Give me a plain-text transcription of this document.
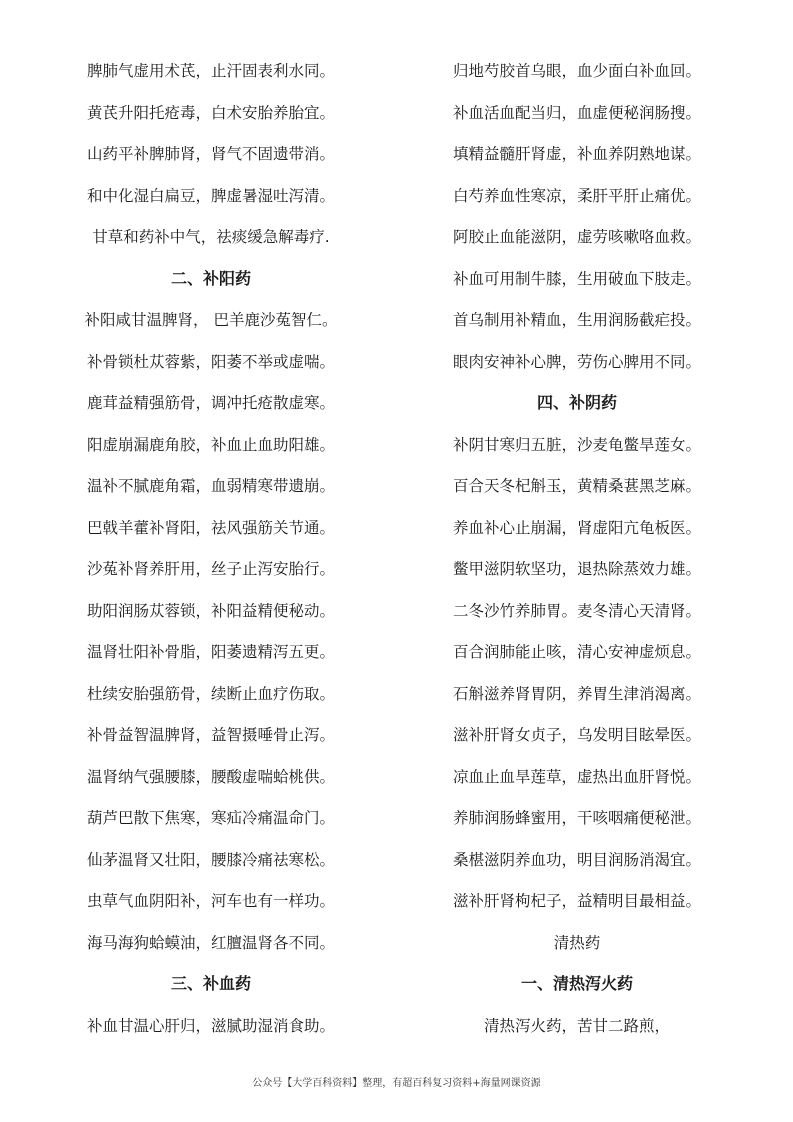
脾肺气虚用术芪，止汗固表利水同。
黄芪升阳托疮毒，白术安胎养胎宜。
山药平补脾肺肾，肾气不固遗带消。
和中化湿白扁豆，脾虚暑湿吐泻清。
甘草和药补中气，祛痰缓急解毒疗.
二、补阳药
补阳咸甘温脾肾， 巴羊鹿沙菟智仁。
补骨锁杜苁蓉紫，阳萎不举或虚喘。
鹿茸益精强筋骨，调冲托疮散虚寒。
阳虚崩漏鹿角胶，补血止血助阳雄。
温补不腻鹿角霜，血弱精寒带遗崩。
巴戟羊藿补肾阳，祛风强筋关节通。
沙菟补肾养肝用，丝子止泻安胎行。
助阳润肠苁蓉锁，补阳益精便秘动。
温肾壮阳补骨脂，阳萎遗精泻五更。
杜续安胎强筋骨，续断止血疗伤取。
补骨益智温脾肾，益智摄唾骨止泻。
温肾纳气强腰膝，腰酸虚喘蛤桃供。
葫芦巴散下焦寒，寒疝冷痛温命门。
仙茅温肾又壮阳，腰膝冷痛祛寒松。
虫草气血阴阳补，河车也有一样功。
海马海狗蛤蟆油，红膻温肾各不同。
三、补血药
补血甘温心肝归，滋腻助湿消食助。
归地芍胶首乌眼，血少面白补血回。
补血活血配当归，血虚便秘润肠搜。
填精益髓肝肾虚，补血养阴熟地谋。
白芍养血性寒凉，柔肝平肝止痛优。
阿胶止血能滋阴，虚劳咳嗽咯血救。
补血可用制牛膝，生用破血下肢走。
首乌制用补精血，生用润肠截疟投。
眼肉安神补心脾，劳伤心脾用不同。
四、补阴药
补阴甘寒归五脏，沙麦龟鳖旱莲女。
百合天冬杞斛玉，黄精桑葚黑芝麻。
养血补心止崩漏，肾虚阳亢龟板医。
鳖甲滋阴软坚功，退热除蒸效力雄。
二冬沙竹养肺胃。麦冬清心天清肾。
百合润肺能止咳，清心安神虚烦息。
石斛滋养肾胃阴，养胃生津消渴离。
滋补肝肾女贞子，乌发明目眩晕医。
凉血止血旱莲草，虚热出血肝肾悦。
养肺润肠蜂蜜用，干咳咽痛便秘泄。
桑椹滋阴养血功，明目润肠消渴宜。
滋补肝肾枸杞子，益精明目最相益。
清热药
一、清热泻火药
清热泻火药，苦甘二路煎，
公众号【大学百科资料】整理，有超百科复习资料+海量网课资源
